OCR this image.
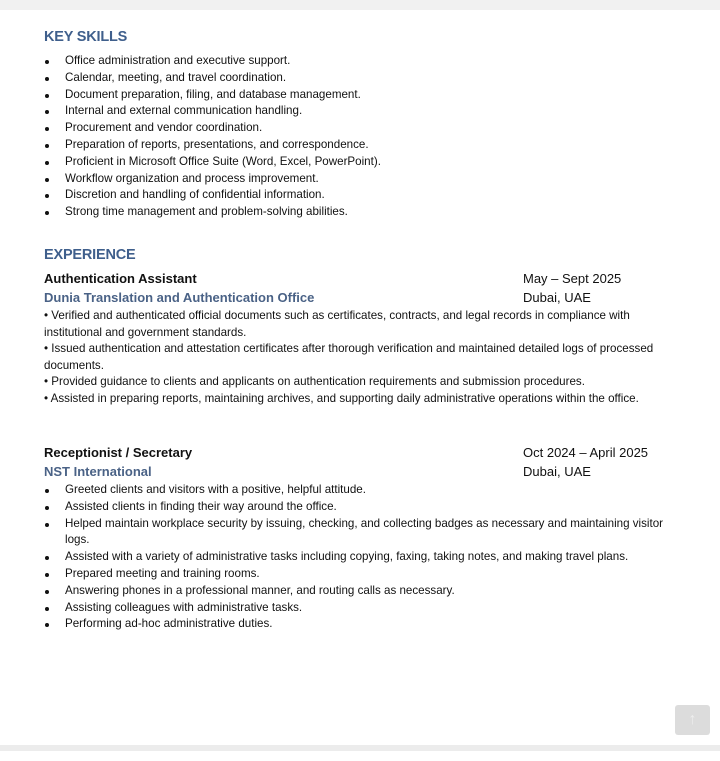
KEY SKILLS
Office administration and executive support.
Calendar, meeting, and travel coordination.
Document preparation, filing, and database management.
Internal and external communication handling.
Procurement and vendor coordination.
Preparation of reports, presentations, and correspondence.
Proficient in Microsoft Office Suite (Word, Excel, PowerPoint).
Workflow organization and process improvement.
Discretion and handling of confidential information.
Strong time management and problem-solving abilities.
EXPERIENCE
Authentication Assistant	May – Sept 2025
Dunia Translation and Authentication Office	Dubai, UAE
• Verified and authenticated official documents such as certificates, contracts, and legal records in compliance with institutional and government standards.
• Issued authentication and attestation certificates after thorough verification and maintained detailed logs of processed documents.
• Provided guidance to clients and applicants on authentication requirements and submission procedures.
• Assisted in preparing reports, maintaining archives, and supporting daily administrative operations within the office.
Receptionist / Secretary	Oct 2024 – April 2025
NST International	Dubai, UAE
Greeted clients and visitors with a positive, helpful attitude.
Assisted clients in finding their way around the office.
Helped maintain workplace security by issuing, checking, and collecting badges as necessary and maintaining visitor logs.
Assisted with a variety of administrative tasks including copying, faxing, taking notes, and making travel plans.
Prepared meeting and training rooms.
Answering phones in a professional manner, and routing calls as necessary.
Assisting colleagues with administrative tasks.
Performing ad-hoc administrative duties.
↑
